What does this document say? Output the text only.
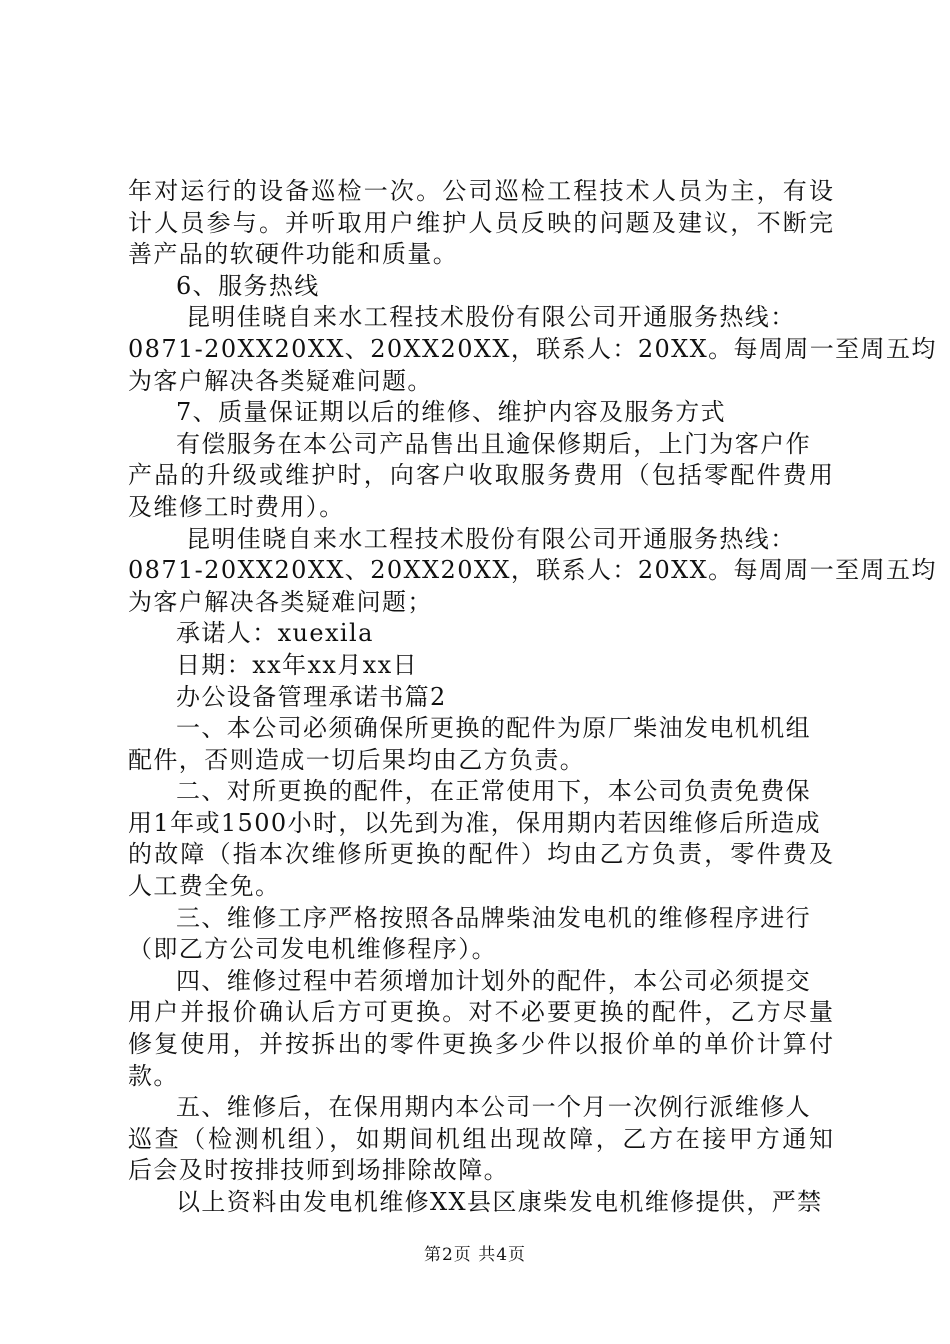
年对运行的设备巡检一次。公司巡检工程技术人员为主，有设
计人员参与。并听取用户维护人员反映的问题及建议，不断完
善产品的软硬件功能和质量。
6、服务热线
昆明佳晓自来水工程技术股份有限公司开通服务热线：
0871-20XX20XX、20XX20XX，联系人：20XX。每周周一至周五均
为客户解决各类疑难问题。
7、质量保证期以后的维修、维护内容及服务方式
有偿服务在本公司产品售出且逾保修期后，上门为客户作
产品的升级或维护时，向客户收取服务费用（包括零配件费用
及维修工时费用）。
昆明佳晓自来水工程技术股份有限公司开通服务热线：
0871-20XX20XX、20XX20XX，联系人：20XX。每周周一至周五均
为客户解决各类疑难问题；
承诺人：xuexila
日期：xx年xx月xx日
办公设备管理承诺书篇2
一、本公司必须确保所更换的配件为原厂柴油发电机机组
配件，否则造成一切后果均由乙方负责。
二、对所更换的配件，在正常使用下，本公司负责免费保
用1年或1500小时，以先到为准，保用期内若因维修后所造成
的故障（指本次维修所更换的配件）均由乙方负责，零件费及
人工费全免。
三、维修工序严格按照各品牌柴油发电机的维修程序进行
（即乙方公司发电机维修程序）。
四、维修过程中若须增加计划外的配件，本公司必须提交
用户并报价确认后方可更换。对不必要更换的配件，乙方尽量
修复使用，并按拆出的零件更换多少件以报价单的单价计算付
款。
五、维修后，在保用期内本公司一个月一次例行派维修人
巡查（检测机组），如期间机组出现故障，乙方在接甲方通知
后会及时按排技师到场排除故障。
以上资料由发电机维修XX县区康柴发电机维修提供，严禁
第2页 共4页
